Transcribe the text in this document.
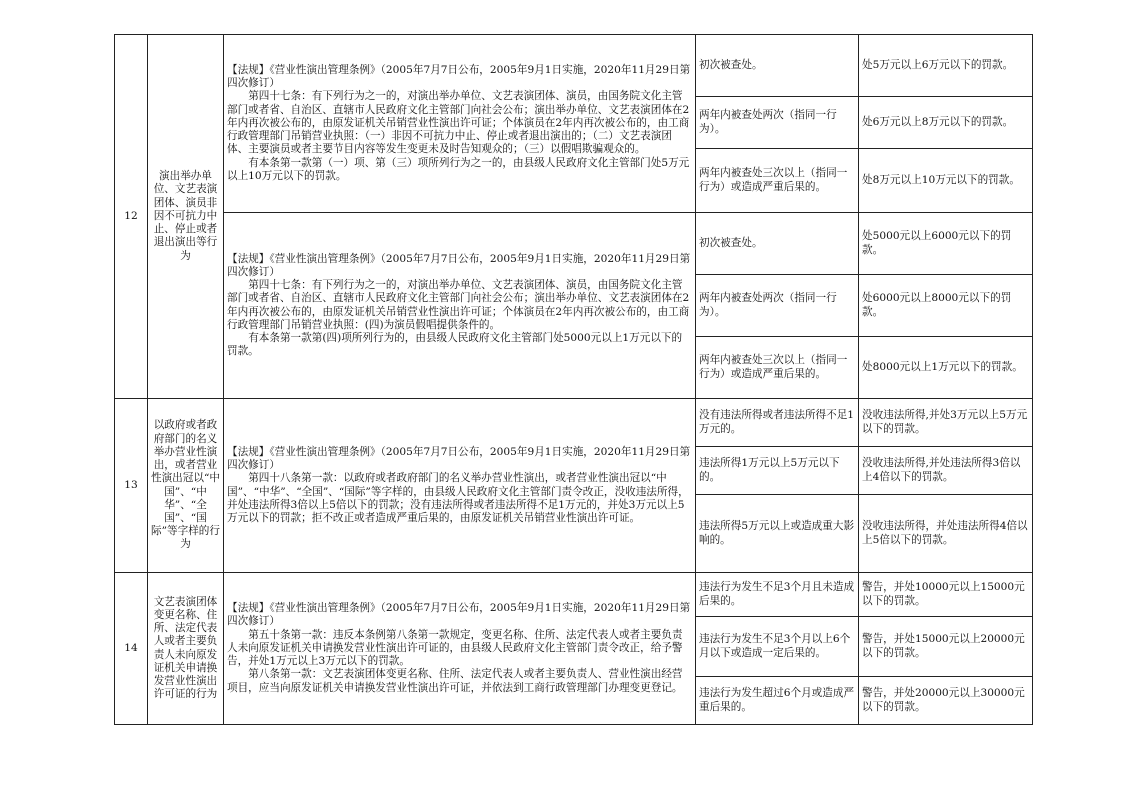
12	演出举办单位、文艺表演团体、演员非因不可抗力中止、停止或者退出演出等行为	【法规】《营业性演出管理条例》（2005年7月7日公布，2005年9月1日实施，2020年11月29日第四次修订）

第四十七条：有下列行为之一的，对演出举办单位、文艺表演团体、演员，由国务院文化主管部门或者省、自治区、直辖市人民政府文化主管部门向社会公布；演出举办单位、文艺表演团体在2年内再次被公布的，由原发证机关吊销营业性演出许可证；个体演员在2年内再次被公布的，由工商行政管理部门吊销营业执照：（一）非因不可抗力中止、停止或者退出演出的；（二）文艺表演团体、主要演员或者主要节目内容等发生变更未及时告知观众的；（三）以假唱欺骗观众的。

有本条第一款第（一）项、第（三）项所列行为之一的，由县级人民政府文化主管部门处5万元以上10万元以下的罚款。	初次被查处。	处5万元以上6万元以下的罚款。
			两年内被查处两次（指同一行为）。	处6万元以上8万元以下的罚款。
			两年内被查处三次以上（指同一行为）或造成严重后果的。	处8万元以上10万元以下的罚款。

		【法规】《营业性演出管理条例》（2005年7月7日公布，2005年9月1日实施，2020年11月29日第四次修订）

第四十七条：有下列行为之一的，对演出举办单位、文艺表演团体、演员，由国务院文化主管部门或者省、自治区、直辖市人民政府文化主管部门向社会公布；演出举办单位、文艺表演团体在2年内再次被公布的，由原发证机关吊销营业性演出许可证；个体演员在2年内再次被公布的，由工商行政管理部门吊销营业执照：(四)为演员假唱提供条件的。

有本条第一款第(四)项所列行为的，由县级人民政府文化主管部门处5000元以上1万元以下的罚款。	初次被查处。	处5000元以上6000元以下的罚款。
			两年内被查处两次（指同一行为）。	处6000元以上8000元以下的罚款。
			两年内被查处三次以上（指同一行为）或造成严重后果的。	处8000元以上1万元以下的罚款。
13	以政府或者政府部门的名义举办营业性演出，或者营业性演出冠以“中国”、“中华”、“全国”、“国际”等字样的行为	【法规】《营业性演出管理条例》（2005年7月7日公布，2005年9月1日实施，2020年11月29日第四次修订）

第四十八条第一款：以政府或者政府部门的名义举办营业性演出，或者营业性演出冠以“中国”、“中华”、“全国”、“国际”等字样的，由县级人民政府文化主管部门责令改正，没收违法所得，并处违法所得3倍以上5倍以下的罚款；没有违法所得或者违法所得不足1万元的，并处3万元以上5万元以下的罚款；拒不改正或者造成严重后果的，由原发证机关吊销营业性演出许可证。	没有违法所得或者违法所得不足1万元的。	没收违法所得,并处3万元以上5万元以下的罚款。
			违法所得1万元以上5万元以下的。	没收违法所得,并处违法所得3倍以上4倍以下的罚款。
			违法所得5万元以上或造成重大影响的。	没收违法所得，并处违法所得4倍以上5倍以下的罚款。
14	文艺表演团体变更名称、住所、法定代表人或者主要负责人未向原发证机关申请换发营业性演出许可证的行为	【法规】《营业性演出管理条例》（2005年7月7日公布，2005年9月1日实施，2020年11月29日第四次修订）

第五十条第一款：违反本条例第八条第一款规定，变更名称、住所、法定代表人或者主要负责人未向原发证机关申请换发营业性演出许可证的，由县级人民政府文化主管部门责令改正，给予警告，并处1万元以上3万元以下的罚款。

第八条第一款：文艺表演团体变更名称、住所、法定代表人或者主要负责人、营业性演出经营项目，应当向原发证机关申请换发营业性演出许可证，并依法到工商行政管理部门办理变更登记。	违法行为发生不足3个月且未造成后果的。	警告，并处10000元以上15000元以下的罚款。
			违法行为发生不足3个月以上6个月以下或造成一定后果的。	警告，并处15000元以上20000元以下的罚款。
			违法行为发生超过6个月或造成严重后果的。	警告，并处20000元以上30000元以下的罚款。
